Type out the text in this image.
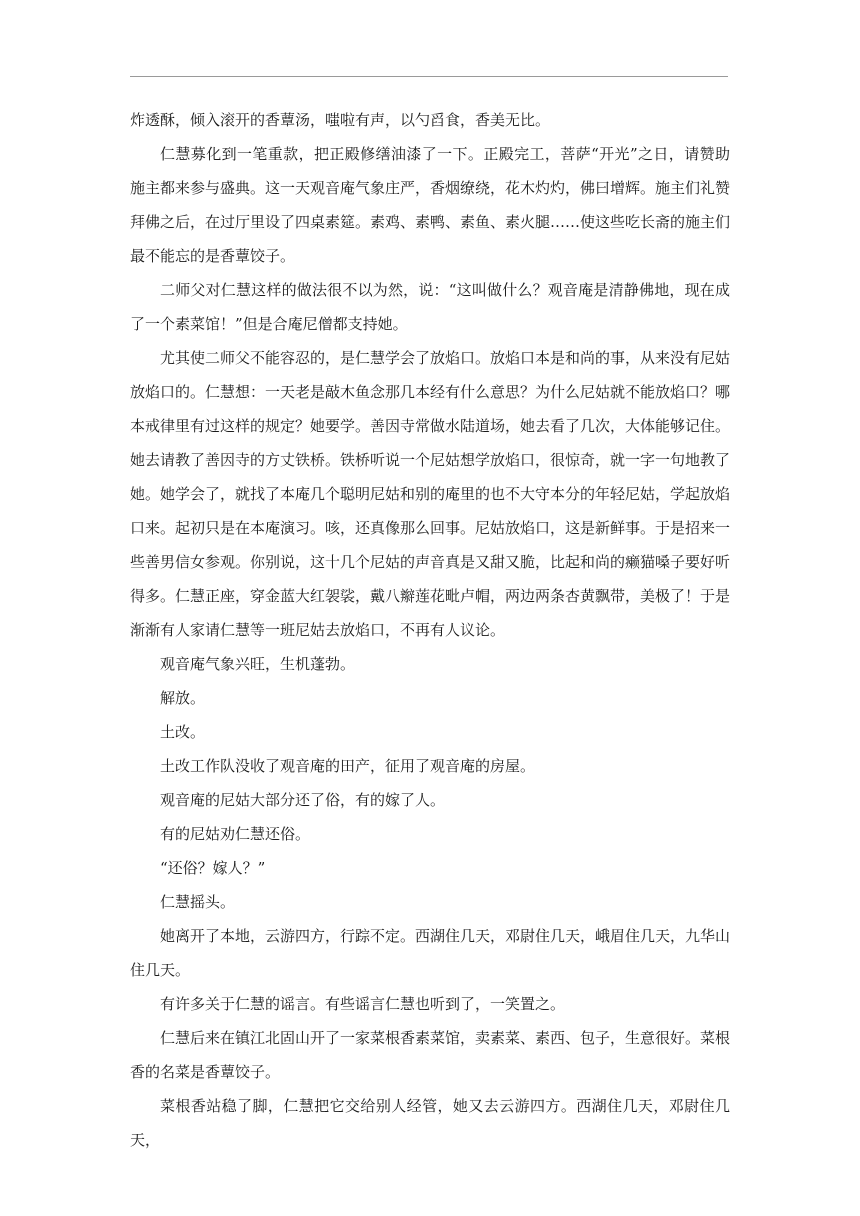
炸透酥，倾入滚开的香蕈汤，嗤啦有声，以勺舀食，香美无比。

仁慧募化到一笔重款，把正殿修缮油漆了一下。正殿完工，菩萨“开光”之日，请赞助施主都来参与盛典。这一天观音庵气象庄严，香烟缭绕，花木灼灼，佛曰增辉。施主们礼赞拜佛之后，在过厅里设了四桌素筵。素鸡、素鸭、素鱼、素火腿……使这些吃长斋的施主们最不能忘的是香蕈饺子。

二师父对仁慧这样的做法很不以为然，说：“这叫做什么？观音庵是清静佛地，现在成了一个素菜馆！”但是合庵尼僧都支持她。

尤其使二师父不能容忍的，是仁慧学会了放焰口。放焰口本是和尚的事，从来没有尼姑放焰口的。仁慧想：一天老是敲木鱼念那几本经有什么意思？为什么尼姑就不能放焰口？哪本戒律里有过这样的规定？她要学。善因寺常做水陆道场，她去看了几次，大体能够记住。她去请教了善因寺的方丈铁桥。铁桥听说一个尼姑想学放焰口，很惊奇，就一字一句地教了她。她学会了，就找了本庵几个聪明尼姑和别的庵里的也不大守本分的年轻尼姑，学起放焰口来。起初只是在本庵演习。咳，还真像那么回事。尼姑放焰口，这是新鲜事。于是招来一些善男信女参观。你别说，这十几个尼姑的声音真是又甜又脆，比起和尚的癞猫嗓子要好听得多。仁慧正座，穿金蓝大红袈裟，戴八辮莲花毗卢帽，两边两条杏黄飘带，美极了！于是渐渐有人家请仁慧等一班尼姑去放焰口，不再有人议论。

观音庵气象兴旺，生机蓬勃。

解放。

土改。

土改工作队没收了观音庵的田产，征用了观音庵的房屋。

观音庵的尼姑大部分还了俗，有的嫁了人。

有的尼姑劝仁慧还俗。

“还俗？嫁人？”

仁慧摇头。

她离开了本地，云游四方，行踪不定。西湖住几天，邓尉住几天，峨眉住几天，九华山住几天。

有许多关于仁慧的谣言。有些谣言仁慧也听到了，一笑置之。

仁慧后来在镇江北固山开了一家菜根香素菜馆，卖素菜、素西、包子，生意很好。菜根香的名菜是香蕈饺子。

菜根香站稳了脚，仁慧把它交给别人经管，她又去云游四方。西湖住几天，邓尉住几天，
